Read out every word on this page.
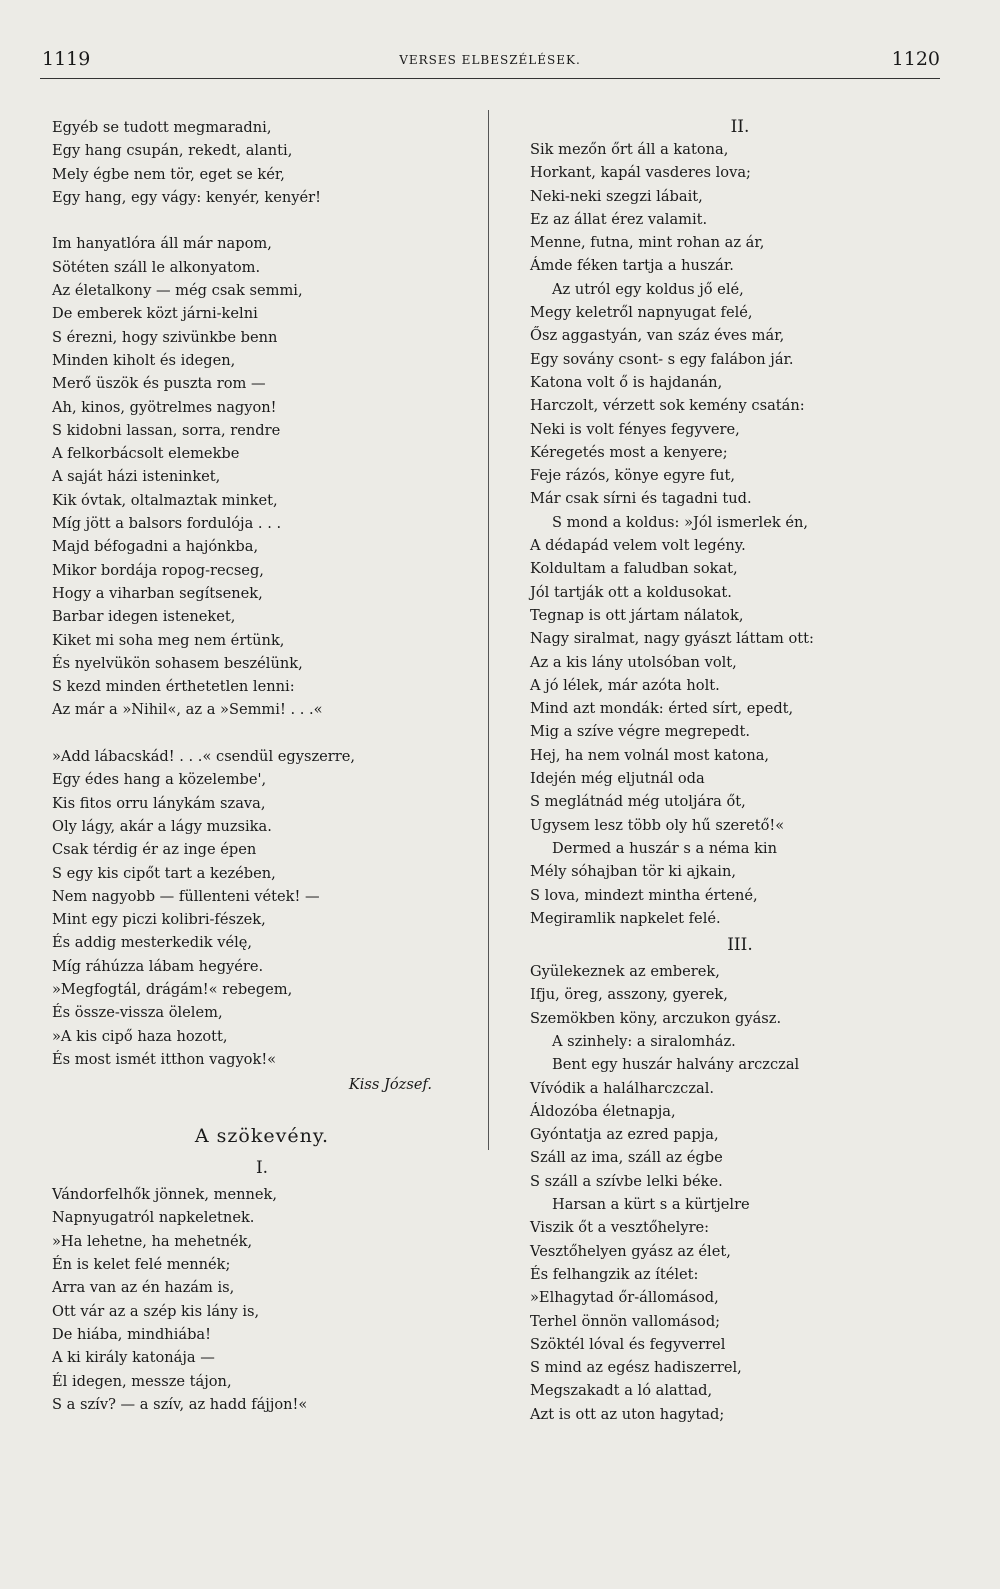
1119	VERSES ELBESZÉLÉSEK.	1120
Egyéb se tudott megmaradni,
Egy hang csupán, rekedt, alanti,
Mely égbe nem tör, eget se kér,
Egy hang, egy vágy: kenyér, kenyér!
Im hanyatlóra áll már napom,
Sötéten száll le alkonyatom.
Az életalkony — még csak semmi,
De emberek közt járni-kelni
S érezni, hogy szivünkbe benn
Minden kiholt és idegen,
Merő üszök és puszta rom —
Ah, kinos, gyötrelmes nagyon!
S kidobni lassan, sorra, rendre
A felkorbácsolt elemekbe
A saját házi isteninket,
Kik óvtak, oltalmaztak minket,
Míg jött a balsors fordulója . . .
Majd béfogadni a hajónkba,
Mikor bordája ropog-recseg,
Hogy a viharban segítsenek,
Barbar idegen isteneket,
Kiket mi soha meg nem értünk,
És nyelvükön sohasem beszélünk,
S kezd minden érthetetlen lenni:
Az már a »Nihil«, az a »Semmi! . . .«
»Add lábacskád! . . .« csendül egyszerre,
Egy édes hang a közelembe',
Kis fitos orru lánykám szava,
Oly lágy, akár a lágy muzsika.
Csak térdig ér az inge épen
S egy kis cipőt tart a kezében,
Nem nagyobb — füllenteni vétek! —
Mint egy piczi kolibri-fészek,
És addig mesterkedik vélę,
Míg ráhúzza lábam hegyére.
»Megfogtál, drágám!« rebegem,
És össze-vissza ölelem,
»A kis cipő haza hozott,
És most ismét itthon vagyok!«
Kiss József.
A szökevény.
I.
Vándorfelhők jönnek, mennek,
Napnyugatról napkeletnek.
»Ha lehetne, ha mehetnék,
Én is kelet felé mennék;
Arra van az én hazám is,
Ott vár az a szép kis lány is,
De hiába, mindhiába!
A ki király katonája —
Él idegen, messze tájon,
S a szív? — a szív, az hadd fájjon!«
II.
Sik mezőn őrt áll a katona,
Horkant, kapál vasderes lova;
Neki-neki szegzi lábait,
Ez az állat érez valamit.
Menne, futna, mint rohan az ár,
Ámde féken tartja a huszár.
Az utról egy koldus jő elé,
Megy keletről napnyugat felé,
Ősz aggastyán, van száz éves már,
Egy sovány csont- s egy falábon jár.
Katona volt ő is hajdanán,
Harczolt, vérzett sok kemény csatán:
Neki is volt fényes fegyvere,
Kéregetés most a kenyere;
Feje rázós, könye egyre fut,
Már csak sírni és tagadni tud.
S mond a koldus: »Jól ismerlek én,
A dédapád velem volt legény.
Koldultam a faludban sokat,
Jól tartják ott a koldusokat.
Tegnap is ott jártam nálatok,
Nagy siralmat, nagy gyászt láttam ott:
Az a kis lány utolsóban volt,
A jó lélek, már azóta holt.
Mind azt mondák: érted sírt, epedt,
Mig a szíve végre megrepedt.
Hej, ha nem volnál most katona,
Idején még eljutnál oda
S meglátnád még utoljára őt,
Ugysem lesz több oly hű szerető!«
Dermed a huszár s a néma kin
Mély sóhajban tör ki ajkain,
S lova, mindezt mintha értené,
Megiramlik napkelet felé.
III.
Gyülekeznek az emberek,
Ifju, öreg, asszony, gyerek,
Szemökben köny, arczukon gyász.
A szinhely: a siralomház.
Bent egy huszár halvány arczczal
Vívódik a halálharczczal.
Áldozóba életnapja,
Gyóntatja az ezred papja,
Száll az ima, száll az égbe
S száll a szívbe lelki béke.
Harsan a kürt s a kürtjelre
Viszik őt a vesztőhelyre:
Vesztőhelyen gyász az élet,
És felhangzik az ítélet:
»Elhagytad őr-állomásod,
Terhel önnön vallomásod;
Szöktél lóval és fegyverrel
S mind az egész hadiszerrel,
Megszakadt a ló alattad,
Azt is ott az uton hagytad;
